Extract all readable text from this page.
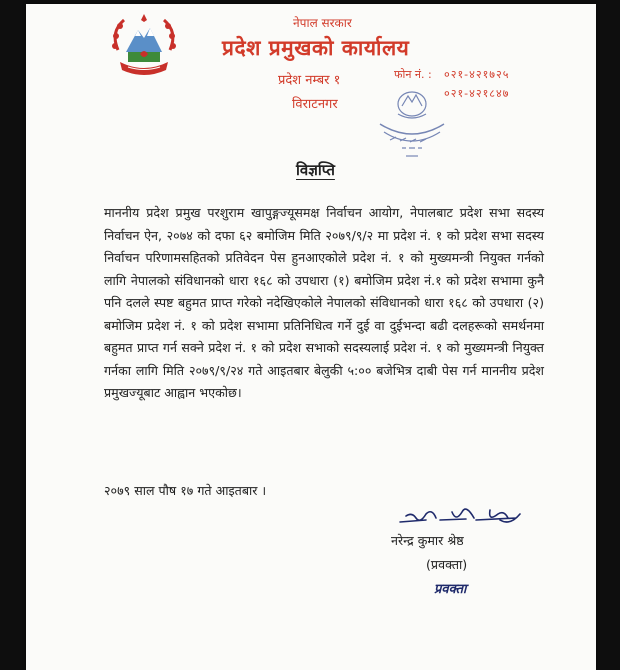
नेपाल सरकार
प्रदेश प्रमुखको कार्यालय
प्रदेश नम्बर १
विराटनगर
फोन नं. : ०२१-४२१७२५
०२१-४२१८४७
विज्ञप्ति
माननीय प्रदेश प्रमुख परशुराम खापुङ्गज्यूसमक्ष निर्वाचन आयोग, नेपालबाट प्रदेश सभा सदस्य निर्वाचन ऐन, २०७४ को दफा ६२ बमोजिम मिति २०७९/९/२ मा प्रदेश नं. १ को प्रदेश सभा सदस्य निर्वाचन परिणामसहितको प्रतिवेदन पेस हुनआएकोले प्रदेश नं. १ को मुख्यमन्त्री नियुक्त गर्नको लागि नेपालको संविधानको धारा १६८ को उपधारा (१) बमोजिम प्रदेश नं.१ को प्रदेश सभामा कुनै पनि दलले स्पष्ट बहुमत प्राप्त गरेको नदेखिएकोले नेपालको संविधानको धारा १६८ को उपधारा (२) बमोजिम प्रदेश नं. १ को प्रदेश सभामा प्रतिनिधित्व गर्ने दुई वा दुईभन्दा बढी दलहरूको समर्थनमा बहुमत प्राप्त गर्न सक्ने प्रदेश नं. १ को प्रदेश सभाको सदस्यलाई प्रदेश नं. १ को मुख्यमन्त्री नियुक्त गर्नका लागि मिति २०७९/९/२४ गते आइतबार बेलुकी ५:०० बजेभित्र दाबी पेस गर्न माननीय प्रदेश प्रमुखज्यूबाट आह्वान भएकोछ।
२०७९ साल पौष १७ गते आइतबार ।
नरेन्द्र कुमार श्रेष्ठ
(प्रवक्ता)
प्रवक्ता
